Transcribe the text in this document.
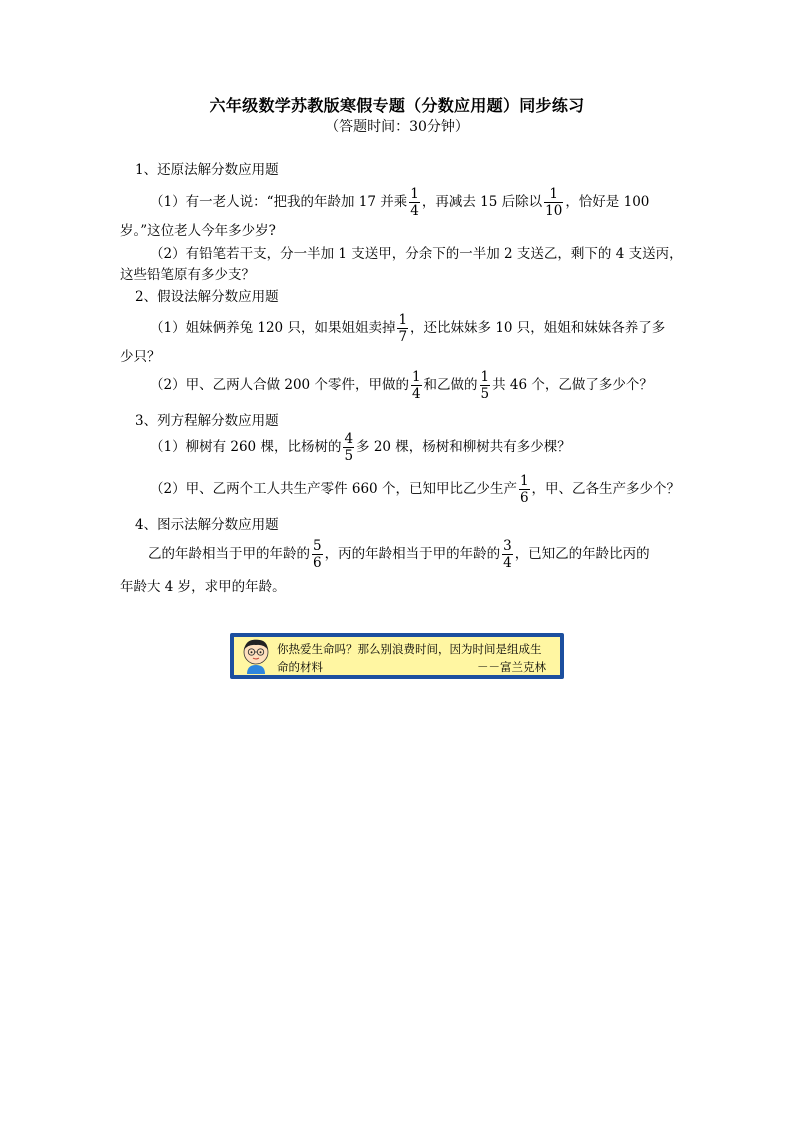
六年级数学苏教版寒假专题（分数应用题）同步练习
（答题时间：30分钟）
1、还原法解分数应用题
（1）有一老人说：“把我的年龄加 17 并乘 $\frac{1}{4}$ ，再减去 15 后除以 $\frac{1}{10}$ ，恰好是 100
岁。”这位老人今年多少岁?
（2）有铅笔若干支，分一半加 1 支送甲，分余下的一半加 2 支送乙，剩下的 4 支送丙，
这些铅笔原有多少支？
2、假设法解分数应用题
（1）姐妹俩养兔 120 只，如果姐姐卖掉 $\frac{1}{7}$ ，还比妹妹多 10 只，姐姐和妹妹各养了多
少只？
（2）甲、乙两人合做 200 个零件，甲做的 $\frac{1}{4}$ 和乙做的 $\frac{1}{5}$ 共 46 个，乙做了多少个？
3、列方程解分数应用题
（1）柳树有 260 棵，比杨树的 $\frac{4}{5}$ 多 20 棵，杨树和柳树共有多少棵？
（2）甲、乙两个工人共生产零件 660 个，已知甲比乙少生产 $\frac{1}{6}$ ，甲、乙各生产多少个？
4、图示法解分数应用题
乙的年龄相当于甲的年龄的 $\frac{5}{6}$ ，丙的年龄相当于甲的年龄的 $\frac{3}{4}$ ，已知乙的年龄比丙的
年龄大 4 岁，求甲的年龄。
你热爱生命吗？那么别浪费时间，因为时间是组成生
命的材料	－－富兰克林
